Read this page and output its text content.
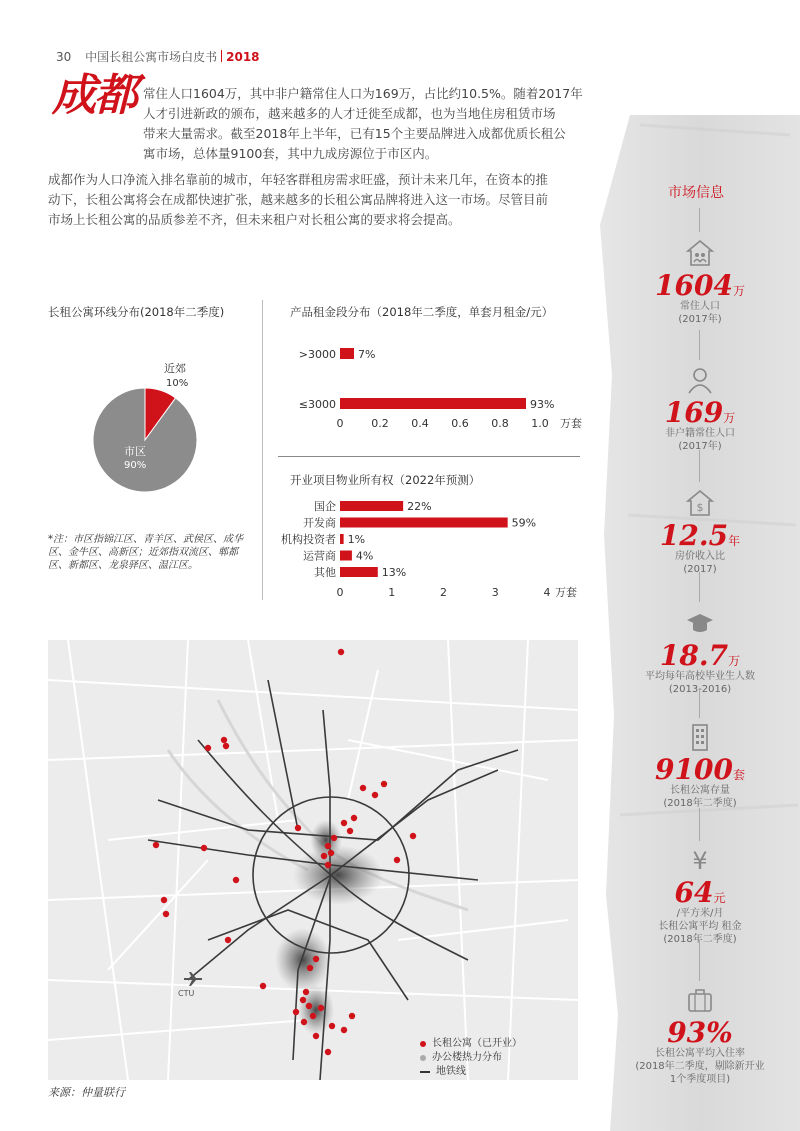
30 中国长租公寓市场白皮书 2018
成都 常住人口1604万，其中非户籍常住人口为169万，占比约10.5%。随着2017年
人才引进新政的颁布，越来越多的人才迁徙至成都，也为当地住房租赁市场
带来大量需求。截至2018年上半年，已有15个主要品牌进入成都优质长租公
寓市场，总体量9100套，其中九成房源位于市区内。
成都作为人口净流入排名靠前的城市，年轻客群租房需求旺盛，预计未来几年，在资本的推
动下，长租公寓将会在成都快速扩张，越来越多的长租公寓品牌将进入这一市场。尽管目前
市场上长租公寓的品质参差不齐，但未来租户对长租公寓的要求将会提高。
市场信息
1604万
常住人口
(2017年)
169万
非户籍常住人口
(2017年)
$
12.5年
房价收入比
(2017)
18.7万
平均每年高校毕业生人数
(2013-2016)
9100套
长租公寓存量
(2018年二季度)
¥
64元
/平方米/月
长租公寓平均 租金
(2018年二季度)
93%
长租公寓平均入住率
(2018年二季度，剔除新开业
1个季度项目)
长租公寓环线分布(2018年二季度)
近郊
10%
市区
90%
*注：市区指锦江区、青羊区、武侯区、成华
区、金牛区、高新区；近郊指双流区、郫都
区、新都区、龙泉驿区、温江区。
产品租金段分布（2018年二季度，单套月租金/元）
>3000 7%
≤3000	93%
0	0.2 0.4 0.6 0.8 1.0 万套
开业项目物业所有权（2022年预测）
国企	22%
开发商	59%
机构投资者 1%
运营商 4%
其他	13%
0	1	2	3	4 万套
CTU
长租公寓（已开业）
办公楼热力分布
地铁线
来源：仲量联行
